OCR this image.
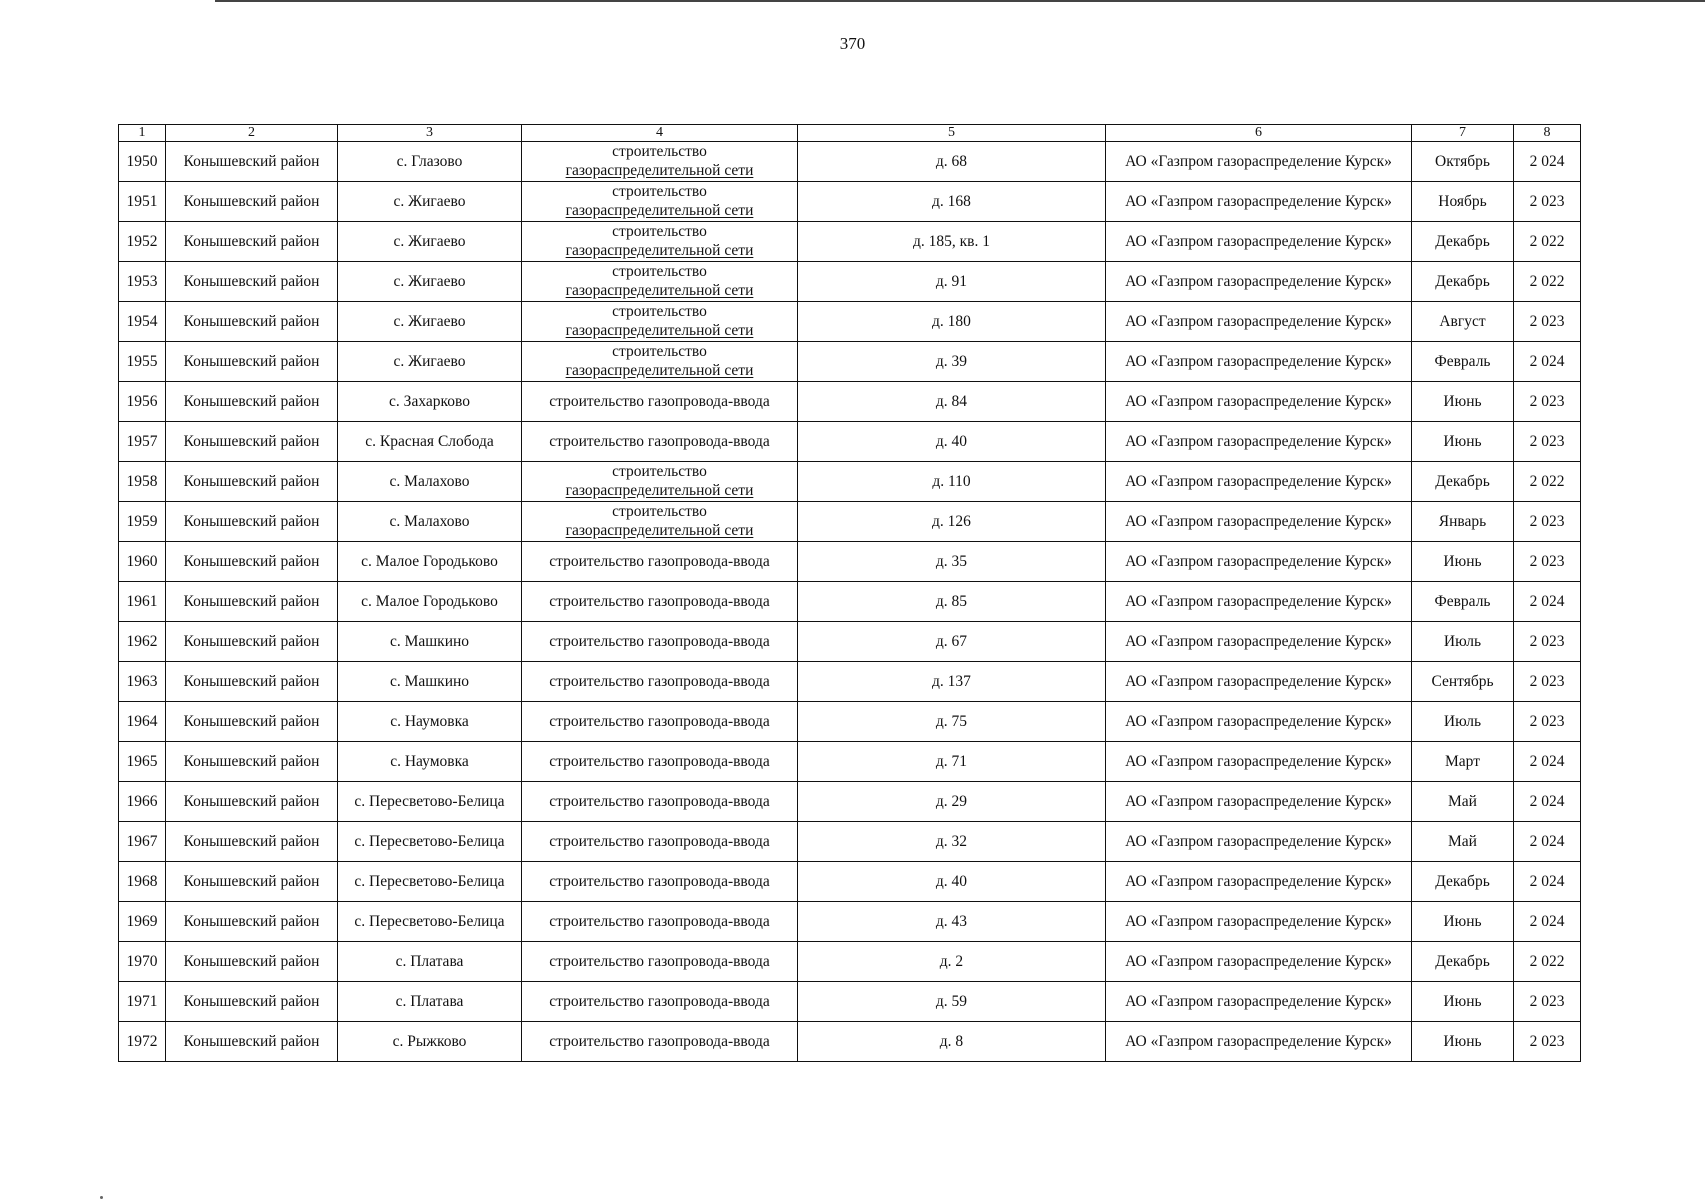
370
1	2	3	4	5	6	7	8
1950	Конышевский район	с. Глазово	строительство
газораспределительной сети	д. 68	АО «Газпром газораспределение Курск»	Октябрь	2 024
1951	Конышевский район	с. Жигаево	строительство
газораспределительной сети	д. 168	АО «Газпром газораспределение Курск»	Ноябрь	2 023
1952	Конышевский район	с. Жигаево	строительство
газораспределительной сети	д. 185, кв. 1	АО «Газпром газораспределение Курск»	Декабрь	2 022
1953	Конышевский район	с. Жигаево	строительство
газораспределительной сети	д. 91	АО «Газпром газораспределение Курск»	Декабрь	2 022
1954	Конышевский район	с. Жигаево	строительство
газораспределительной сети	д. 180	АО «Газпром газораспределение Курск»	Август	2 023
1955	Конышевский район	с. Жигаево	строительство
газораспределительной сети	д. 39	АО «Газпром газораспределение Курск»	Февраль	2 024
1956	Конышевский район	с. Захарково	строительство газопровода-ввода	д. 84	АО «Газпром газораспределение Курск»	Июнь	2 023
1957	Конышевский район	с. Красная Слобода	строительство газопровода-ввода	д. 40	АО «Газпром газораспределение Курск»	Июнь	2 023
1958	Конышевский район	с. Малахово	строительство
газораспределительной сети	д. 110	АО «Газпром газораспределение Курск»	Декабрь	2 022
1959	Конышевский район	с. Малахово	строительство
газораспределительной сети	д. 126	АО «Газпром газораспределение Курск»	Январь	2 023
1960	Конышевский район	с. Малое Городьково	строительство газопровода-ввода	д. 35	АО «Газпром газораспределение Курск»	Июнь	2 023
1961	Конышевский район	с. Малое Городьково	строительство газопровода-ввода	д. 85	АО «Газпром газораспределение Курск»	Февраль	2 024
1962	Конышевский район	с. Машкино	строительство газопровода-ввода	д. 67	АО «Газпром газораспределение Курск»	Июль	2 023
1963	Конышевский район	с. Машкино	строительство газопровода-ввода	д. 137	АО «Газпром газораспределение Курск»	Сентябрь	2 023
1964	Конышевский район	с. Наумовка	строительство газопровода-ввода	д. 75	АО «Газпром газораспределение Курск»	Июль	2 023
1965	Конышевский район	с. Наумовка	строительство газопровода-ввода	д. 71	АО «Газпром газораспределение Курск»	Март	2 024
1966	Конышевский район	с. Пересветово-Белица	строительство газопровода-ввода	д. 29	АО «Газпром газораспределение Курск»	Май	2 024
1967	Конышевский район	с. Пересветово-Белица	строительство газопровода-ввода	д. 32	АО «Газпром газораспределение Курск»	Май	2 024
1968	Конышевский район	с. Пересветово-Белица	строительство газопровода-ввода	д. 40	АО «Газпром газораспределение Курск»	Декабрь	2 024
1969	Конышевский район	с. Пересветово-Белица	строительство газопровода-ввода	д. 43	АО «Газпром газораспределение Курск»	Июнь	2 024
1970	Конышевский район	с. Платава	строительство газопровода-ввода	д. 2	АО «Газпром газораспределение Курск»	Декабрь	2 022
1971	Конышевский район	с. Платава	строительство газопровода-ввода	д. 59	АО «Газпром газораспределение Курск»	Июнь	2 023
1972	Конышевский район	с. Рыжково	строительство газопровода-ввода	д. 8	АО «Газпром газораспределение Курск»	Июнь	2 023
